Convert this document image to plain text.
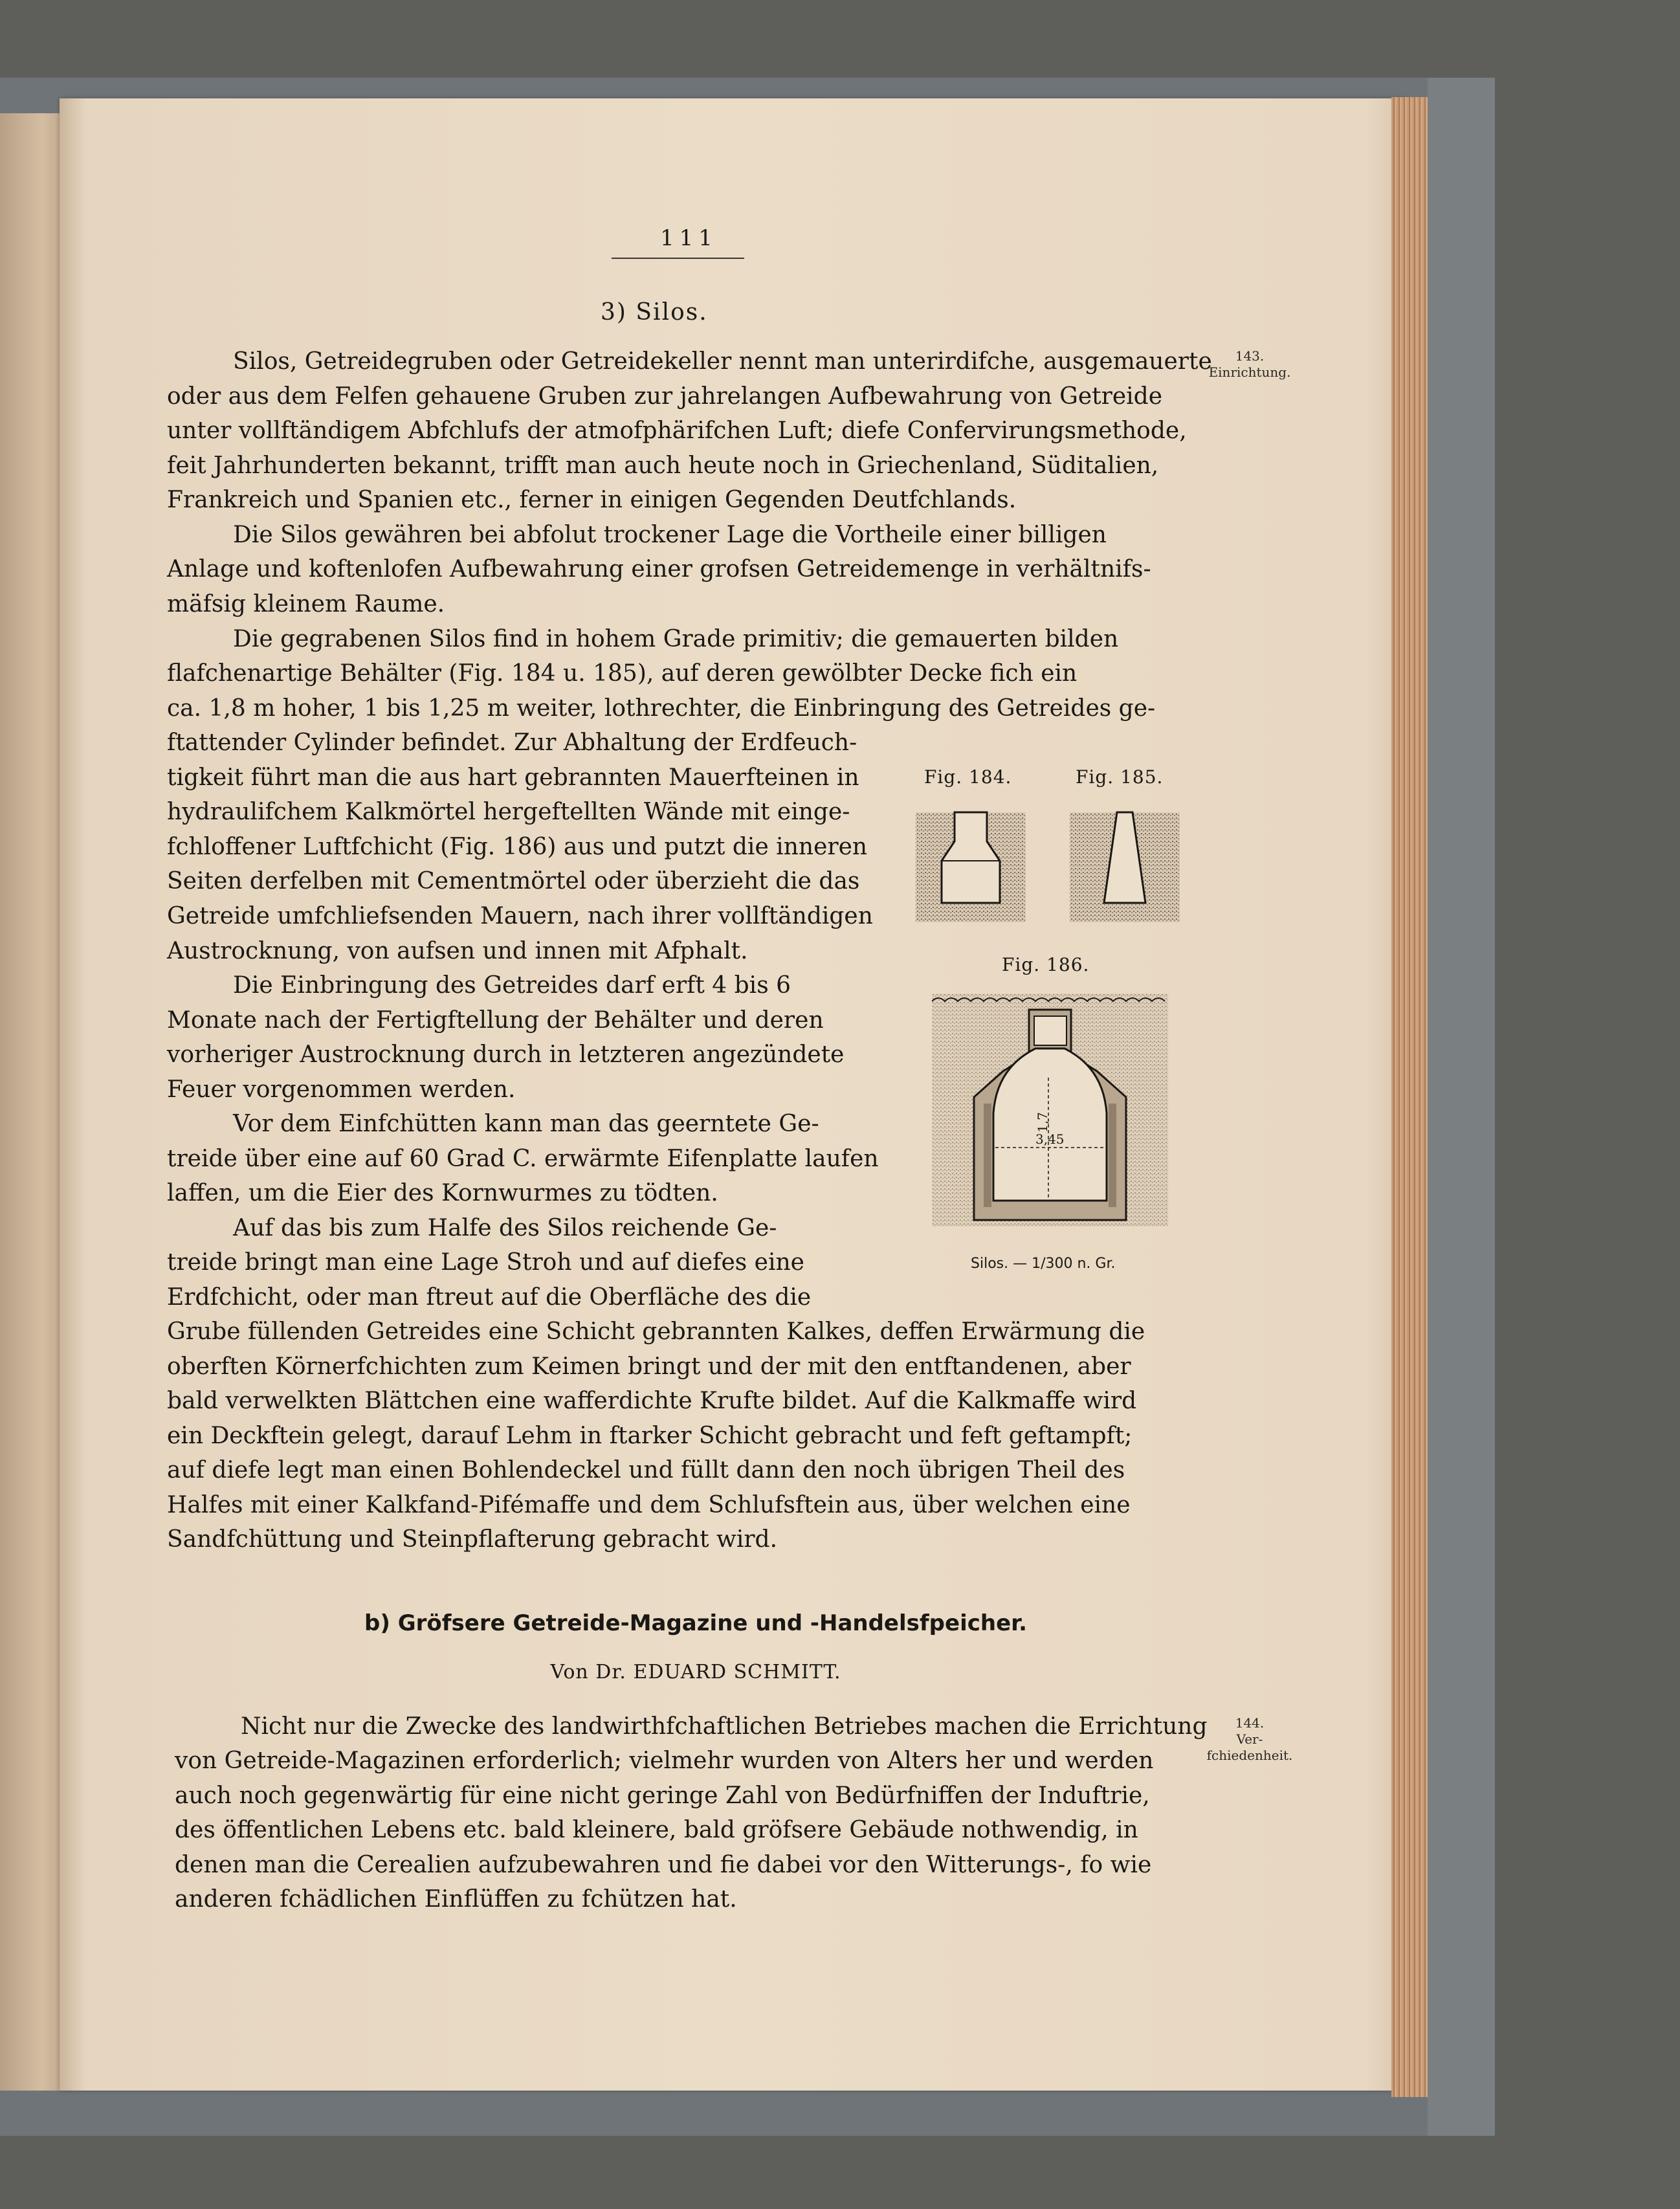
111
3) Silos.
143.
Einrichtung.
144.
Ver-
fchiedenheit.
Silos, Getreidegruben oder Getreidekeller nennt man unterirdifche, ausgemauerte
oder aus dem Felfen gehauene Gruben zur jahrelangen Aufbewahrung von Getreide
unter vollftändigem Abfchlufs der atmofphärifchen Luft; diefe Confervirungsmethode,
feit Jahrhunderten bekannt, trifft man auch heute noch in Griechenland, Süditalien,
Frankreich und Spanien etc., ferner in einigen Gegenden Deutfchlands.
Die Silos gewähren bei abfolut trockener Lage die Vortheile einer billigen
Anlage und koftenlofen Aufbewahrung einer grofsen Getreidemenge in verhältnifs-
mäfsig kleinem Raume.
Die gegrabenen Silos find in hohem Grade primitiv; die gemauerten bilden
flafchenartige Behälter (Fig. 184 u. 185), auf deren gewölbter Decke fich ein
ca. 1,8 m hoher, 1 bis 1,25 m weiter, lothrechter, die Einbringung des Getreides ge-
ftattender Cylinder befindet. Zur Abhaltung der Erdfeuch-
tigkeit führt man die aus hart gebrannten Mauerfteinen in
hydraulifchem Kalkmörtel hergeftellten Wände mit einge-
fchloffener Luftfchicht (Fig. 186) aus und putzt die inneren
Seiten derfelben mit Cementmörtel oder überzieht die das
Getreide umfchliefsenden Mauern, nach ihrer vollftändigen
Austrocknung, von aufsen und innen mit Afphalt.
Die Einbringung des Getreides darf erft 4 bis 6
Monate nach der Fertigftellung der Behälter und deren
vorheriger Austrocknung durch in letzteren angezündete
Feuer vorgenommen werden.
Vor dem Einfchütten kann man das geerntete Ge-
treide über eine auf 60 Grad C. erwärmte Eifenplatte laufen
laffen, um die Eier des Kornwurmes zu tödten.
Auf das bis zum Halfe des Silos reichende Ge-
treide bringt man eine Lage Stroh und auf diefes eine
Erdfchicht, oder man ftreut auf die Oberfläche des die
Grube füllenden Getreides eine Schicht gebrannten Kalkes, deffen Erwärmung die
oberften Körnerfchichten zum Keimen bringt und der mit den entftandenen, aber
bald verwelkten Blättchen eine wafferdichte Krufte bildet. Auf die Kalkmaffe wird
ein Deckftein gelegt, darauf Lehm in ftarker Schicht gebracht und feft geftampft;
auf diefe legt man einen Bohlendeckel und füllt dann den noch übrigen Theil des
Halfes mit einer Kalkfand-Pifémaffe und dem Schlufsftein aus, über welchen eine
Sandfchüttung und Steinpflafterung gebracht wird.
b) Gröfsere Getreide-Magazine und -Handelsfpeicher.
Von Dr. EDUARD SCHMITT.
Nicht nur die Zwecke des landwirthfchaftlichen Betriebes machen die Errichtung
von Getreide-Magazinen erforderlich; vielmehr wurden von Alters her und werden
auch noch gegenwärtig für eine nicht geringe Zahl von Bedürfniffen der Induftrie,
des öffentlichen Lebens etc. bald kleinere, bald gröfsere Gebäude nothwendig, in
denen man die Cerealien aufzubewahren und fie dabei vor den Witterungs-, fo wie
anderen fchädlichen Einflüffen zu fchützen hat.
Fig. 184.	Fig. 185.
Fig. 186.
1,7
3,45
Silos. — 1/300 n. Gr.
